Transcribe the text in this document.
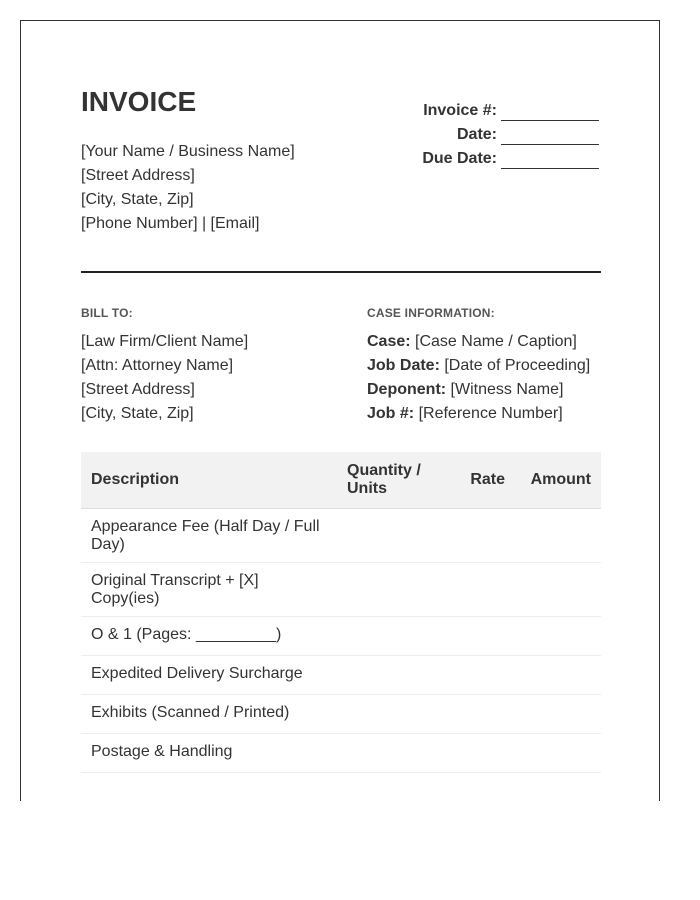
INVOICE
[Your Name / Business Name]
[Street Address]
[City, State, Zip]
[Phone Number] | [Email]
Invoice #:
Date:
Due Date:
BILL TO:
[Law Firm/Client Name]
[Attn: Attorney Name]
[Street Address]
[City, State, Zip]
CASE INFORMATION:
Case: [Case Name / Caption]
Job Date: [Date of Proceeding]
Deponent: [Witness Name]
Job #: [Reference Number]
Description	Quantity / Units	Rate	Amount
Appearance Fee (Half Day / Full Day)			
Original Transcript + [X] Copy(ies)			
O & 1 (Pages: _________)			
Expedited Delivery Surcharge			
Exhibits (Scanned / Printed)			
Postage & Handling			
